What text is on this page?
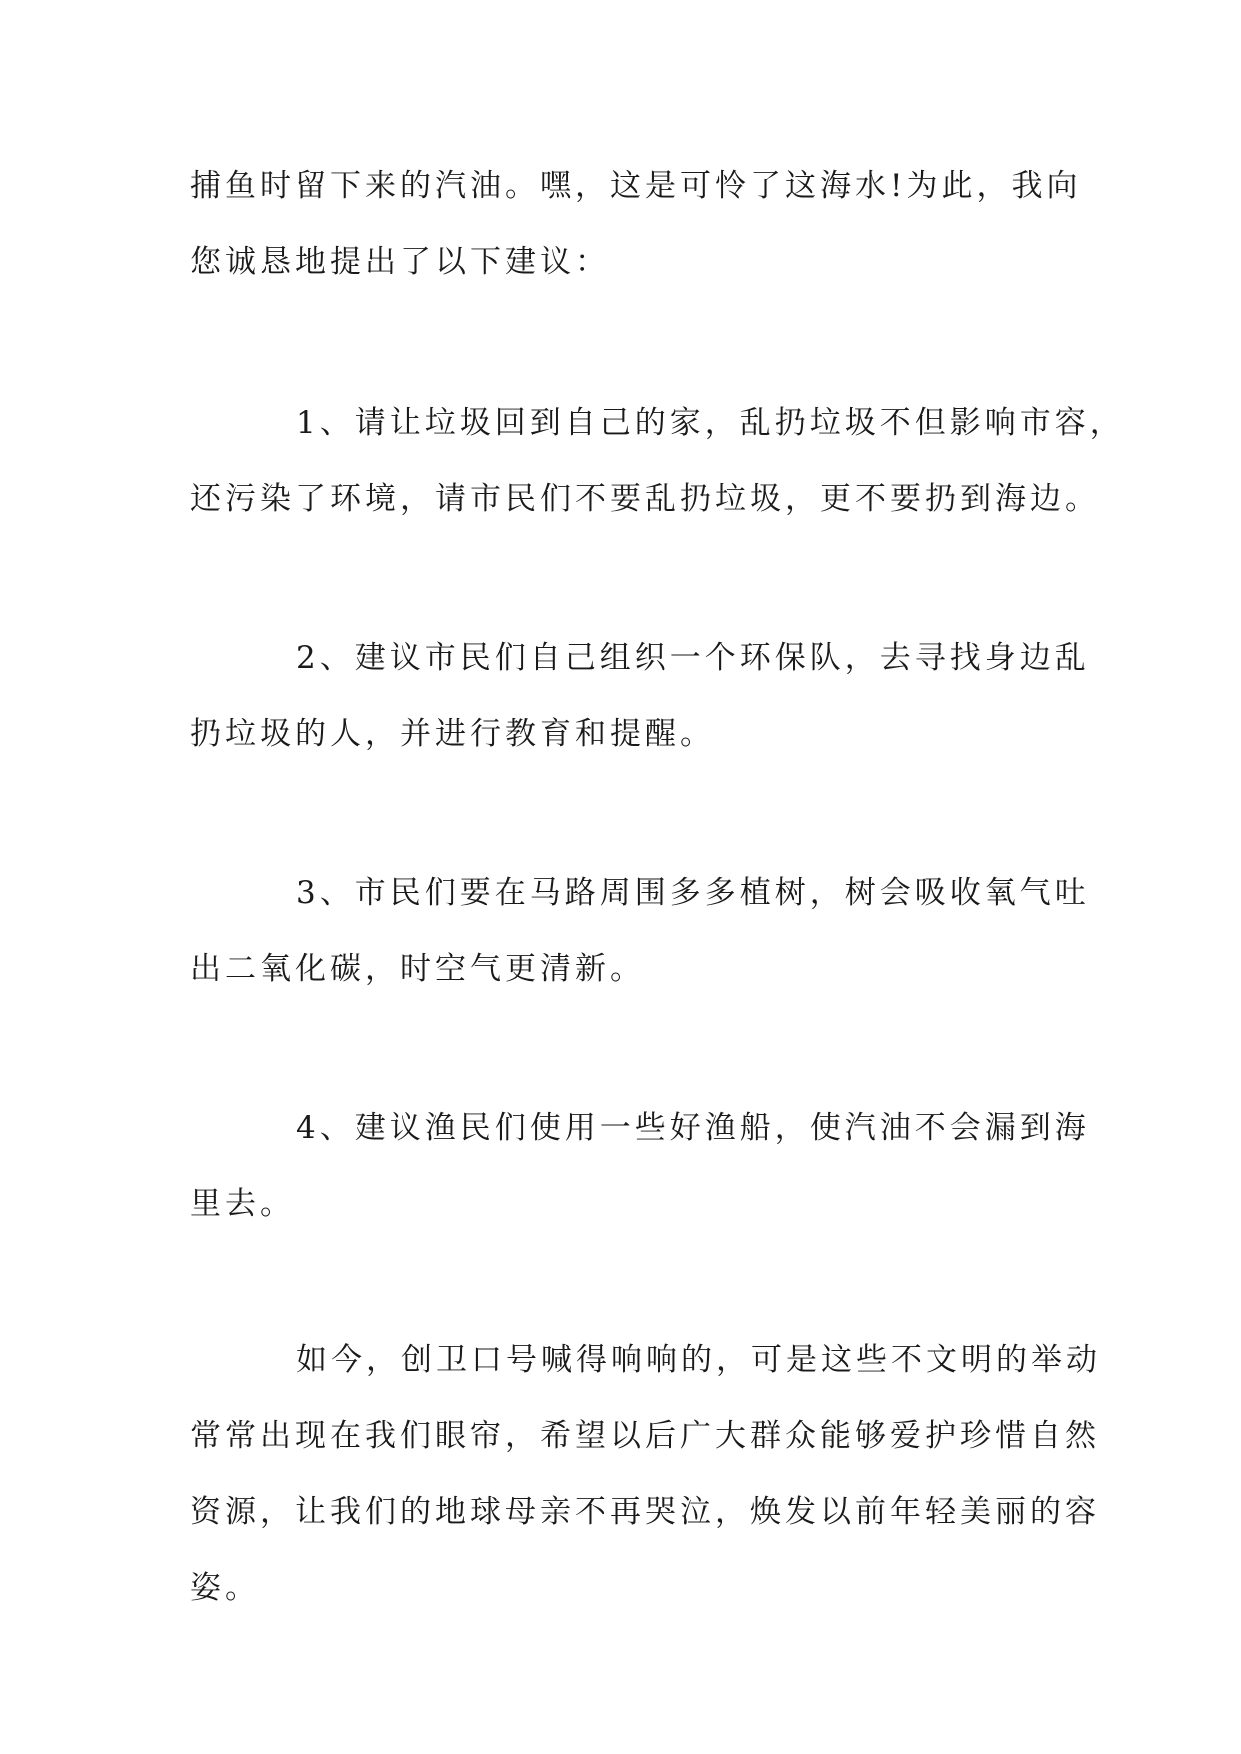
捕鱼时留下来的汽油。嘿，这是可怜了这海水!为此，我向
您诚恳地提出了以下建议：

1、请让垃圾回到自己的家，乱扔垃圾不但影响市容，
还污染了环境，请市民们不要乱扔垃圾，更不要扔到海边。

2、建议市民们自己组织一个环保队，去寻找身边乱
扔垃圾的人，并进行教育和提醒。

3、市民们要在马路周围多多植树，树会吸收氧气吐
出二氧化碳，时空气更清新。

4、建议渔民们使用一些好渔船，使汽油不会漏到海
里去。

如今，创卫口号喊得响响的，可是这些不文明的举动
常常出现在我们眼帘，希望以后广大群众能够爱护珍惜自然
资源，让我们的地球母亲不再哭泣，焕发以前年轻美丽的容
姿。
